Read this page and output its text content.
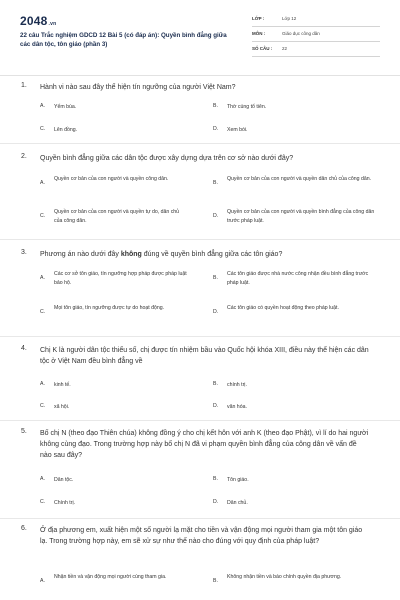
2048.vn
22 câu Trắc nghiệm GDCD 12 Bài 5 (có đáp án): Quyền bình đẳng giữa các dân tộc, tôn giáo (phần 3)
LỚP :	Lớp 12
MÔN :	Giáo dục công dân
SỐ CÂU : 22
1. Hành vi nào sau đây thể hiện tín ngưỡng của người Việt Nam?
A. Yểm bùa.	B. Thờ cúng tổ tiên.
C. Lên đồng.	D. Xem bói.
2. Quyền bình đẳng giữa các dân tộc được xây dựng dựa trên cơ sở nào dưới đây?
A.
Quyền cơ bản của con người và quyền công dân.
B.
Quyền cơ bản của con người và quyền dân chủ của công dân.
C.
Quyền cơ bản của con người và quyền tự do, dân chủ của công dân.
D.
Quyền cơ bản của con người và quyền bình đẳng của công dân trước pháp luật.
3. Phương án nào dưới đây không đúng về quyền bình đẳng giữa các tôn giáo?
A.
Các cơ sở tôn giáo, tín ngưỡng hợp pháp được pháp luật bảo hộ.
B.
Các tôn giáo được nhà nước công nhận đều bình đẳng trước pháp luật.
C.
Mọi tôn giáo, tín ngưỡng được tự do hoạt động.
D.
Các tôn giáo có quyền hoạt động theo pháp luật.
4. Chị K là người dân tộc thiểu số, chị được tín nhiệm bầu vào Quốc hội khóa XIII, điều này thể hiện các dân tộc ở Việt Nam đều bình đẳng về
A. kinh tế.	B. chính trị.
C. xã hội.	D. văn hóa.
5. Bố chị N (theo đạo Thiên chúa) không đồng ý cho chị kết hôn với anh K (theo đạo Phật), vì lí do hai người không cùng đạo. Trong trường hợp này bố chị N đã vi phạm quyền bình đẳng của công dân về vấn đề nào sau đây?
A. Dân tộc.	B. Tôn giáo.
C. Chính trị.	D. Dân chủ.
6. Ở địa phương em, xuất hiện một số người lạ mặt cho tiền và vận động mọi người tham gia một tôn giáo lạ. Trong trường hợp này, em sẽ xử sự như thế nào cho đúng với quy định của pháp luật?
A.
Nhận tiền và vận động mọi người cùng tham gia.
B.
Không nhận tiền và báo chính quyền địa phương.
